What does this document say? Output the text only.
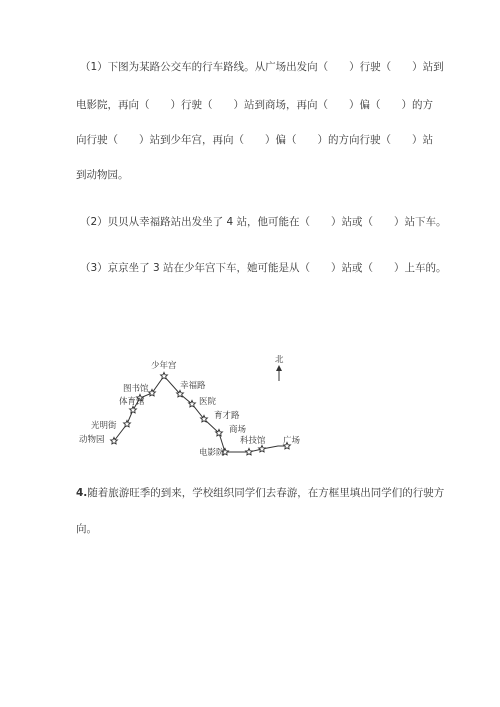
（1）下图为某路公交车的行车路线。从广场出发向（　　）行驶（　　）站到
电影院，再向（　　）行驶（　　）站到商场，再向（　　）偏（　　）的方
向行驶（　　）站到少年宫，再向（　　）偏（　　）的方向行驶（　　）站
到动物园。
（2）贝贝从幸福路站出发坐了 4 站，他可能在（　　）站或（　　）站下车。
（3）京京坐了 3 站在少年宫下车，她可能是从（　　）站或（　　）上车的。
少年宫
幸福路
医院
育才路
商场
科技馆 广场
电影院
图书馆
体育馆
光明街
动物园
北
4.随着旅游旺季的到来，学校组织同学们去春游，在方框里填出同学们的行驶方
向。
